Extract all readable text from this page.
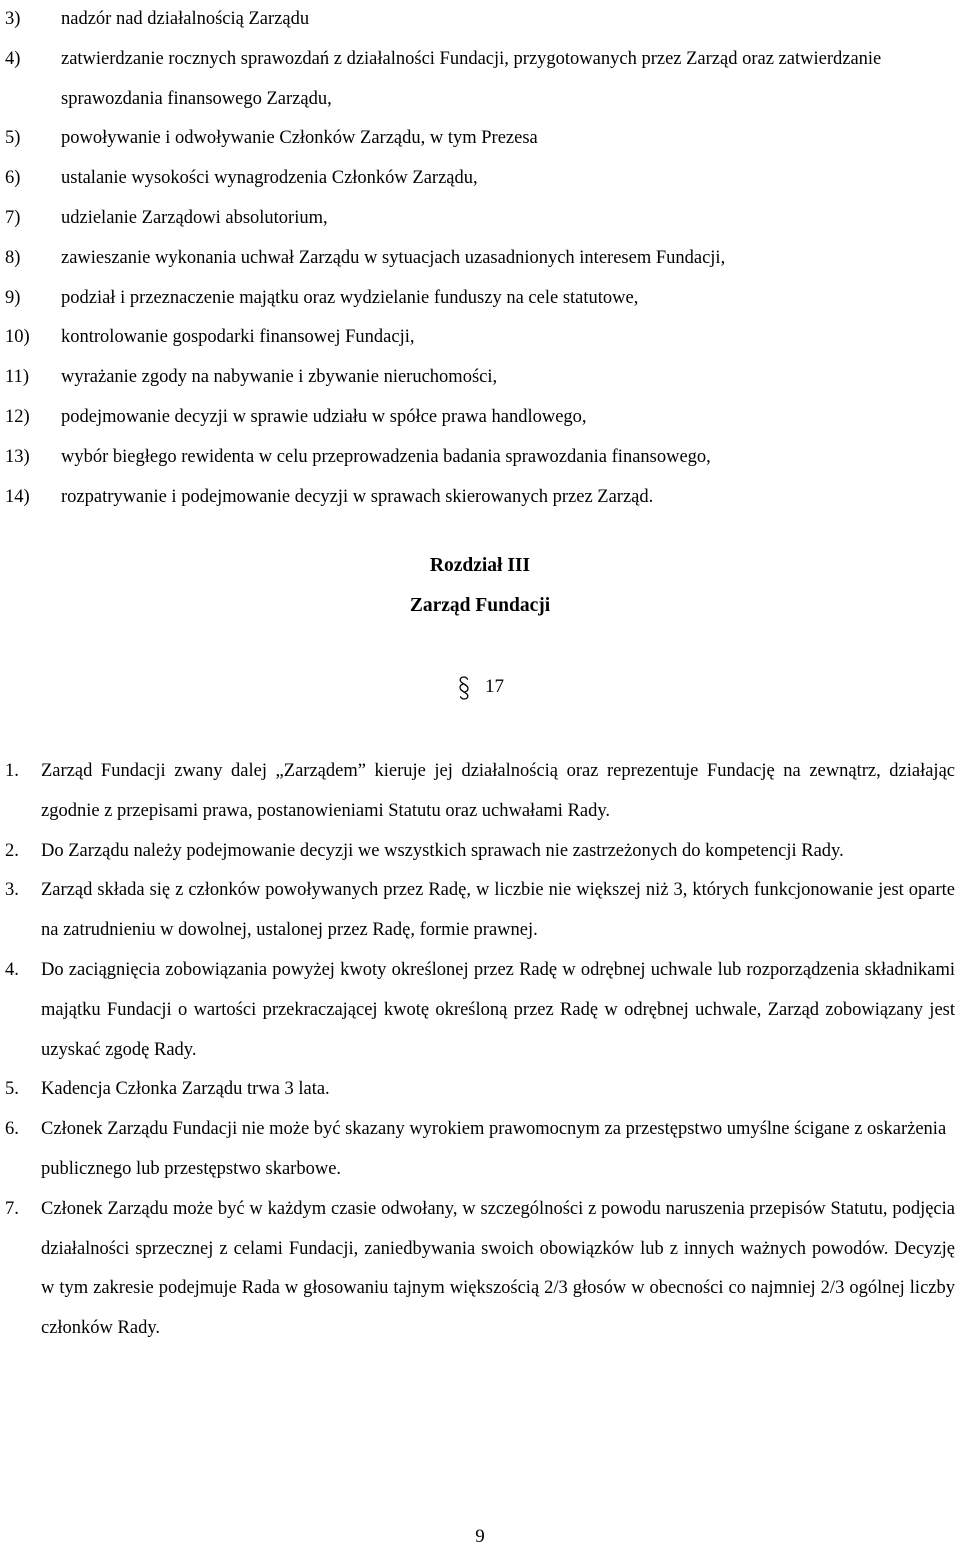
3)	nadzór nad działalnością Zarządu
4)	zatwierdzanie rocznych sprawozdań z działalności Fundacji, przygotowanych przez Zarząd oraz zatwierdzanie sprawozdania finansowego Zarządu,
5)	powoływanie i odwoływanie Członków Zarządu, w tym Prezesa
6)	ustalanie wysokości wynagrodzenia Członków Zarządu,
7)	udzielanie Zarządowi absolutorium,
8)	zawieszanie wykonania uchwał Zarządu w sytuacjach uzasadnionych interesem Fundacji,
9)	podział i przeznaczenie majątku oraz wydzielanie funduszy na cele statutowe,
10)	kontrolowanie gospodarki finansowej Fundacji,
11)	wyrażanie zgody na nabywanie i zbywanie nieruchomości,
12)	podejmowanie decyzji w sprawie udziału w spółce prawa handlowego,
13)	wybór biegłego rewidenta w celu przeprowadzenia badania sprawozdania finansowego,
14)	rozpatrywanie i podejmowanie decyzji w sprawach skierowanych przez Zarząd.
Rozdział III
Zarząd Fundacji
17
1.	Zarząd Fundacji zwany dalej „Zarządem” kieruje jej działalnością oraz reprezentuje Fundację na zewnątrz, działając zgodnie z przepisami prawa, postanowieniami Statutu oraz uchwałami Rady.
2.	Do Zarządu należy podejmowanie decyzji we wszystkich sprawach nie zastrzeżonych do kompetencji Rady.
3.	Zarząd składa się z członków powoływanych przez Radę, w liczbie nie większej niż 3, których funkcjonowanie jest oparte na zatrudnieniu w dowolnej, ustalonej przez Radę, formie prawnej.
4.	Do zaciągnięcia zobowiązania powyżej kwoty określonej przez Radę w odrębnej uchwale lub rozporządzenia składnikami majątku Fundacji o wartości przekraczającej kwotę określoną przez Radę w odrębnej uchwale, Zarząd zobowiązany jest uzyskać zgodę Rady.
5.	Kadencja Członka Zarządu trwa 3 lata.
6.	Członek Zarządu Fundacji nie może być skazany wyrokiem prawomocnym za przestępstwo umyślne ścigane z oskarżenia publicznego lub przestępstwo skarbowe.
7.	Członek Zarządu może być w każdym czasie odwołany, w szczególności z powodu naruszenia przepisów Statutu, podjęcia działalności sprzecznej z celami Fundacji, zaniedbywania swoich obowiązków lub z innych ważnych powodów. Decyzję w tym zakresie podejmuje Rada w głosowaniu tajnym większością 2/3 głosów w obecności co najmniej 2/3 ogólnej liczby członków Rady.
9
